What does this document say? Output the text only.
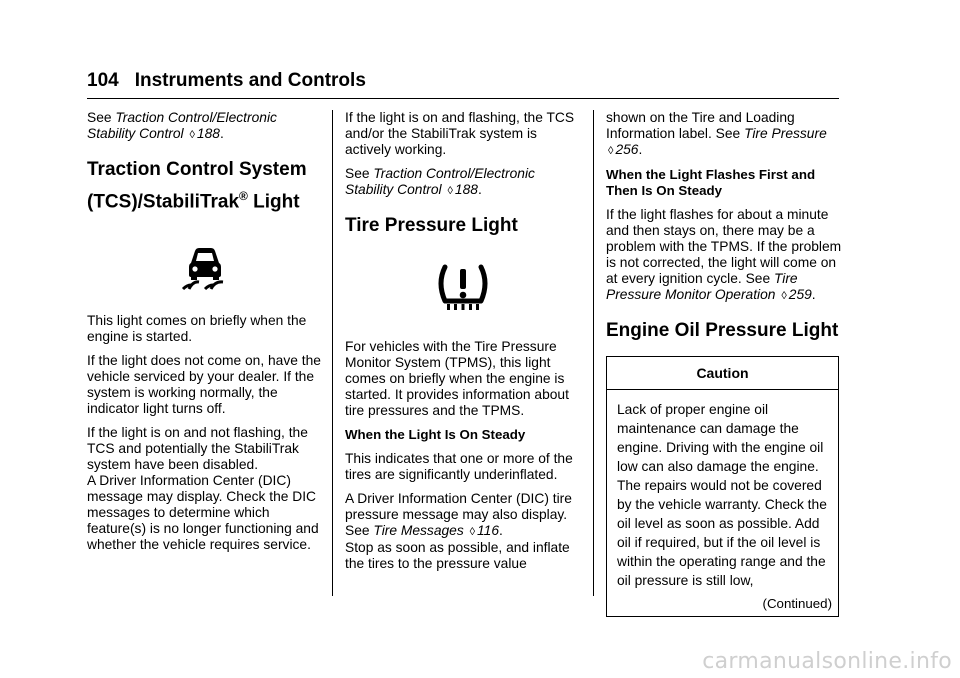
104 Instruments and Controls

See Traction Control/Electronic Stability Control ◊ 188.

Traction Control System
(TCS)/StabiliTrak® Light

This light comes on briefly when the engine is started.

If the light does not come on, have the vehicle serviced by your dealer. If the system is working normally, the indicator light turns off.

If the light is on and not flashing, the TCS and potentially the StabiliTrak system have been disabled.

A Driver Information Center (DIC) message may display. Check the DIC messages to determine which feature(s) is no longer functioning and whether the vehicle requires service.

If the light is on and flashing, the TCS and/or the StabiliTrak system is actively working.

See Traction Control/Electronic Stability Control ◊ 188.

Tire Pressure Light

For vehicles with the Tire Pressure Monitor System (TPMS), this light comes on briefly when the engine is started. It provides information about tire pressures and the TPMS.

When the Light Is On Steady

This indicates that one or more of the tires are significantly underinflated.

A Driver Information Center (DIC) tire pressure message may also display. See Tire Messages ◊ 116.
Stop as soon as possible, and inflate the tires to the pressure value

shown on the Tire and Loading Information label. See Tire Pressure ◊ 256.

When the Light Flashes First and Then Is On Steady

If the light flashes for about a minute and then stays on, there may be a problem with the TPMS. If the problem is not corrected, the light will come on at every ignition cycle. See Tire Pressure Monitor Operation ◊ 259.

Engine Oil Pressure Light
Caution
Lack of proper engine oil maintenance can damage the engine. Driving with the engine oil low can also damage the engine. The repairs would not be covered by the vehicle warranty. Check the oil level as soon as possible. Add oil if required, but if the oil level is within the operating range and the oil pressure is still low,
(Continued)
carmanualsonline.info
